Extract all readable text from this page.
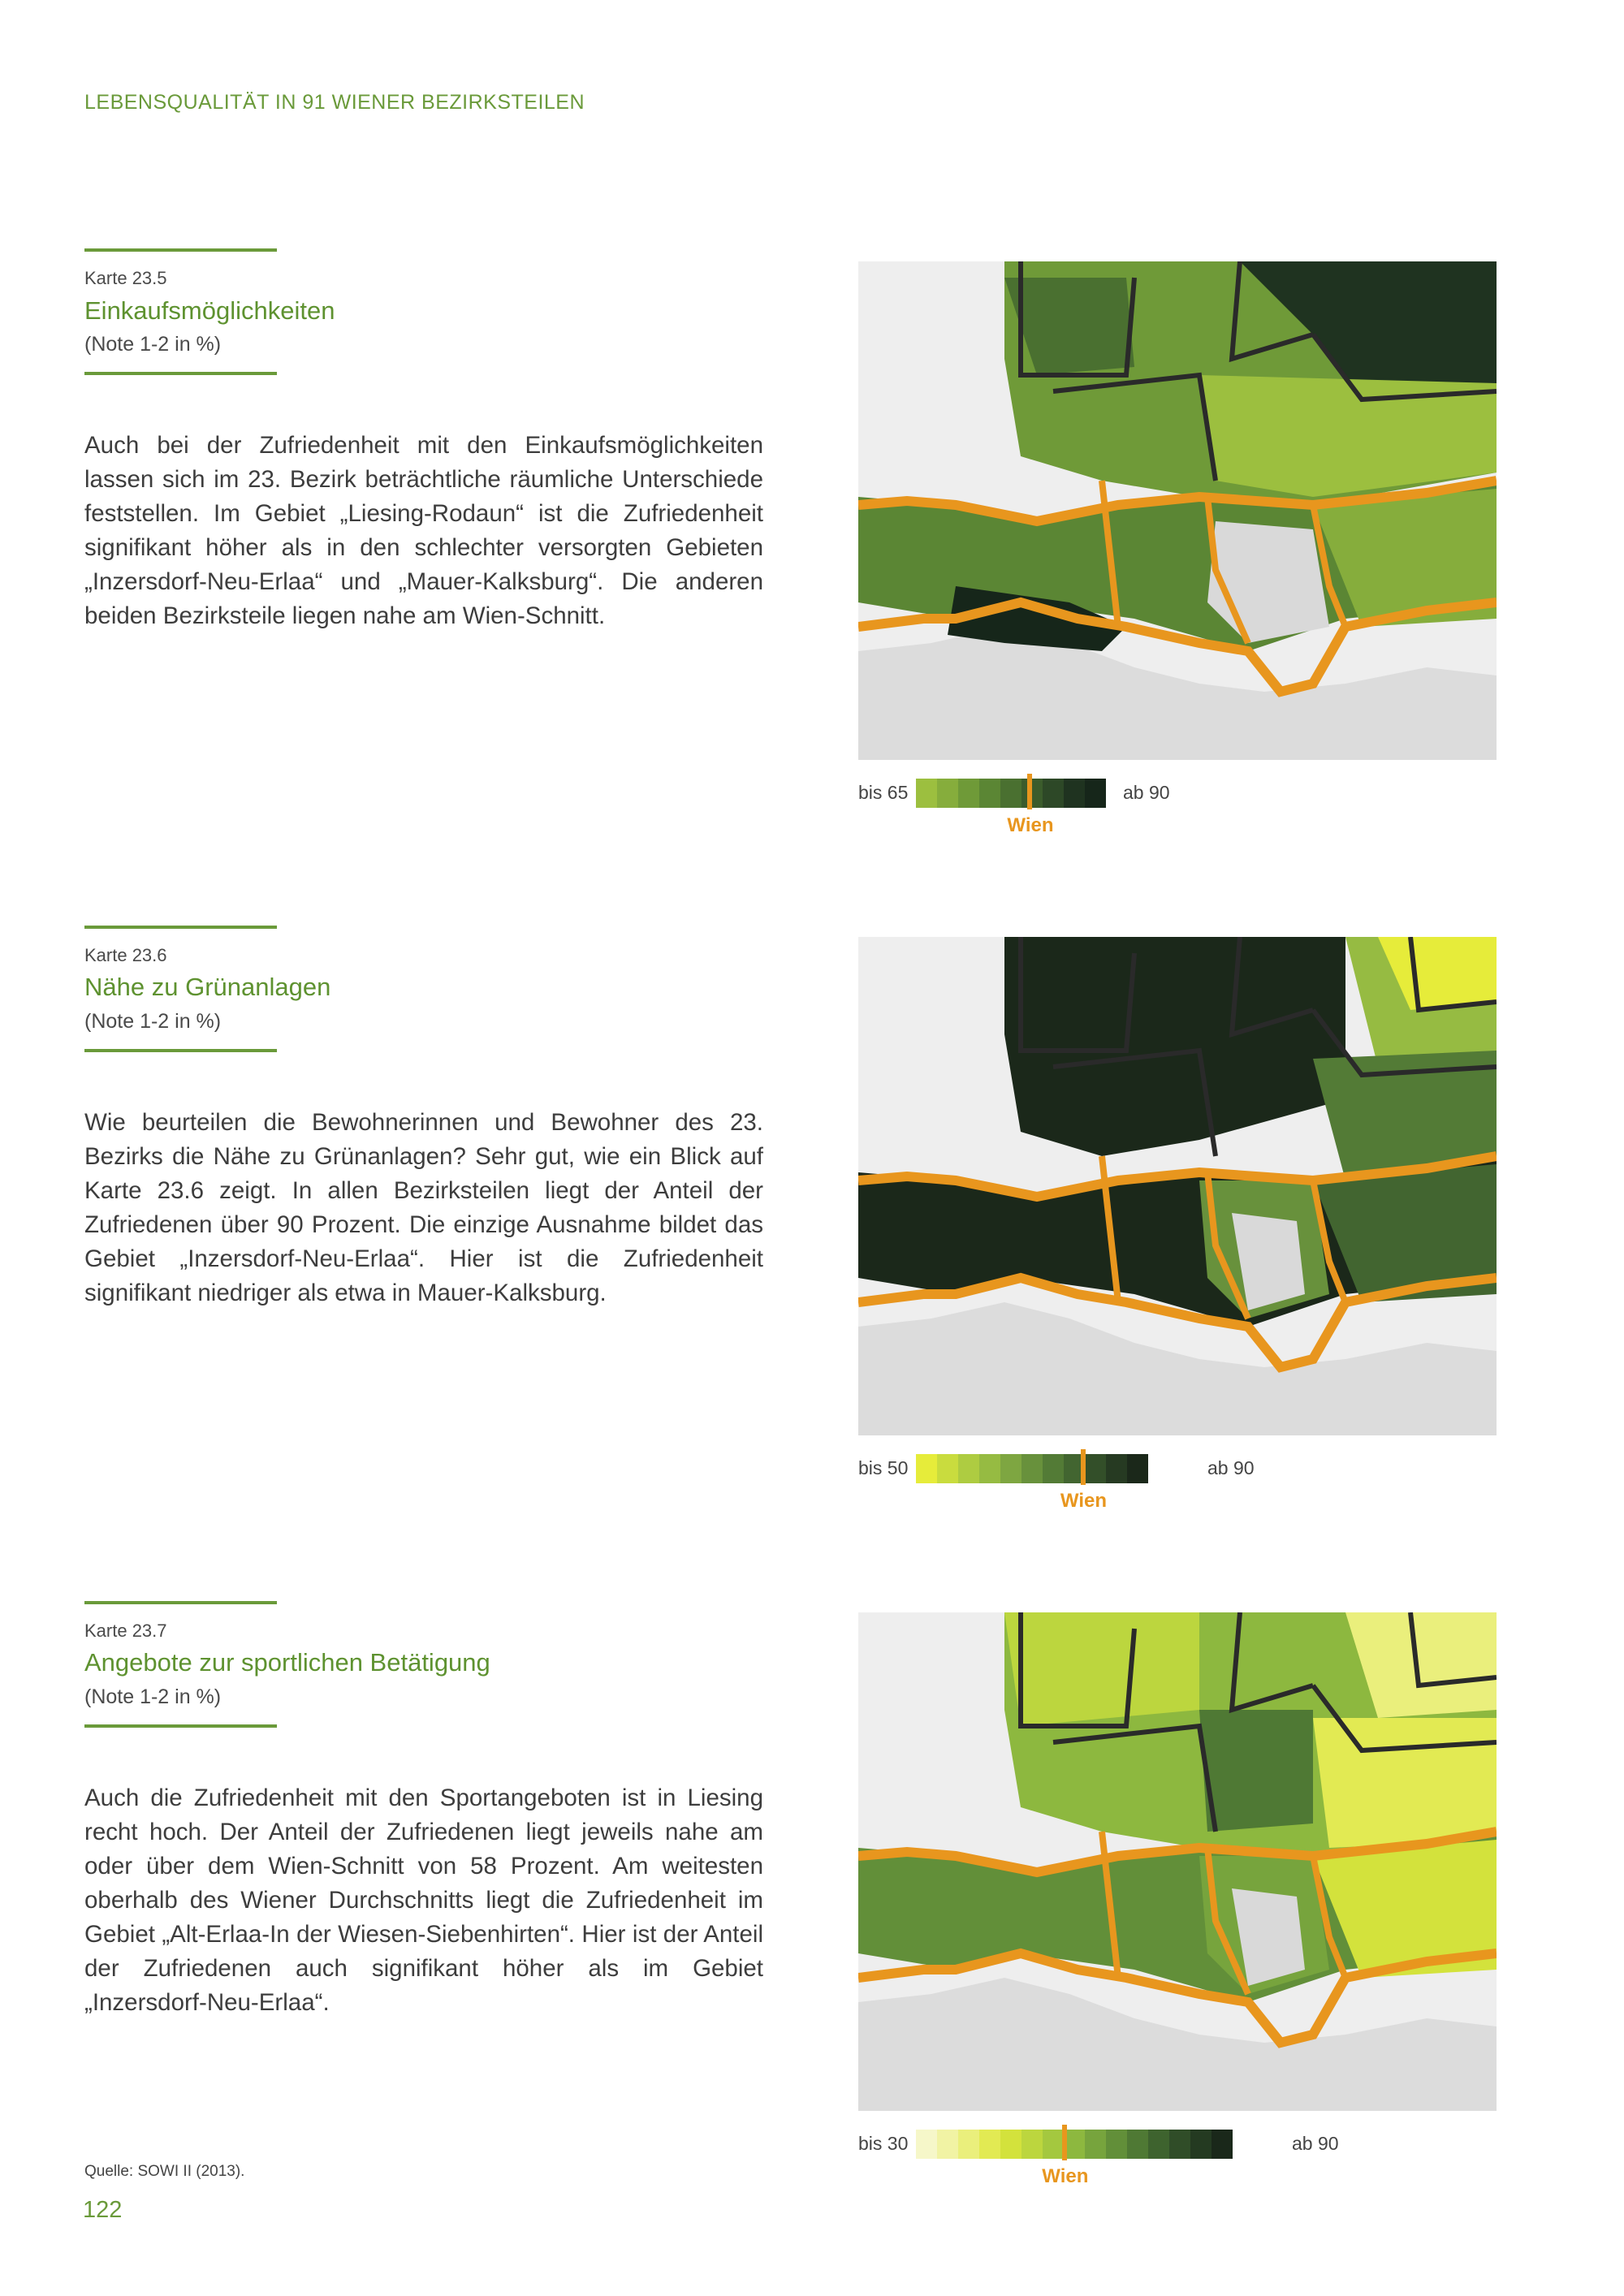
LEBENSQUALITÄT IN 91 WIENER BEZIRKSTEILEN
Karte 23.5
Einkaufsmöglichkeiten
(Note 1-2 in %)
Auch bei der Zufriedenheit mit den Einkaufsmöglichkeiten lassen sich im 23. Bezirk beträchtliche räumliche Unterschiede feststellen. Im Gebiet „Liesing-Rodaun“ ist die Zufriedenheit signifikant höher als in den schlechter versorgten Gebieten „Inzersdorf-Neu-Erlaa“ und „Mauer-Kalksburg“. Die anderen beiden Bezirksteile liegen nahe am Wien-Schnitt.
bis 65	ab 90
Wien
Karte 23.6
Nähe zu Grünanlagen
(Note 1-2 in %)
Wie beurteilen die Bewohnerinnen und Bewohner des 23. Bezirks die Nähe zu Grünanlagen? Sehr gut, wie ein Blick auf Karte 23.6 zeigt. In allen Bezirksteilen liegt der Anteil der Zufriedenen über 90 Prozent. Die einzige Ausnahme bildet das Gebiet „Inzersdorf-Neu-Erlaa“. Hier ist die Zufriedenheit signifikant niedriger als etwa in Mauer-Kalksburg.
bis 50	ab 90
Wien
Karte 23.7
Angebote zur sportlichen Betätigung
(Note 1-2 in %)
Auch die Zufriedenheit mit den Sportangeboten ist in Liesing recht hoch. Der Anteil der Zufriedenen liegt jeweils nahe am oder über dem Wien-Schnitt von 58 Prozent. Am weitesten oberhalb des Wiener Durchschnitts liegt die Zufriedenheit im Gebiet „Alt-Erlaa-In der Wiesen-Siebenhirten“. Hier ist der Anteil der Zufriedenen auch signifikant höher als im Gebiet „Inzersdorf-Neu-Erlaa“.
bis 30	ab 90
Wien
Quelle: SOWI II (2013).
122
